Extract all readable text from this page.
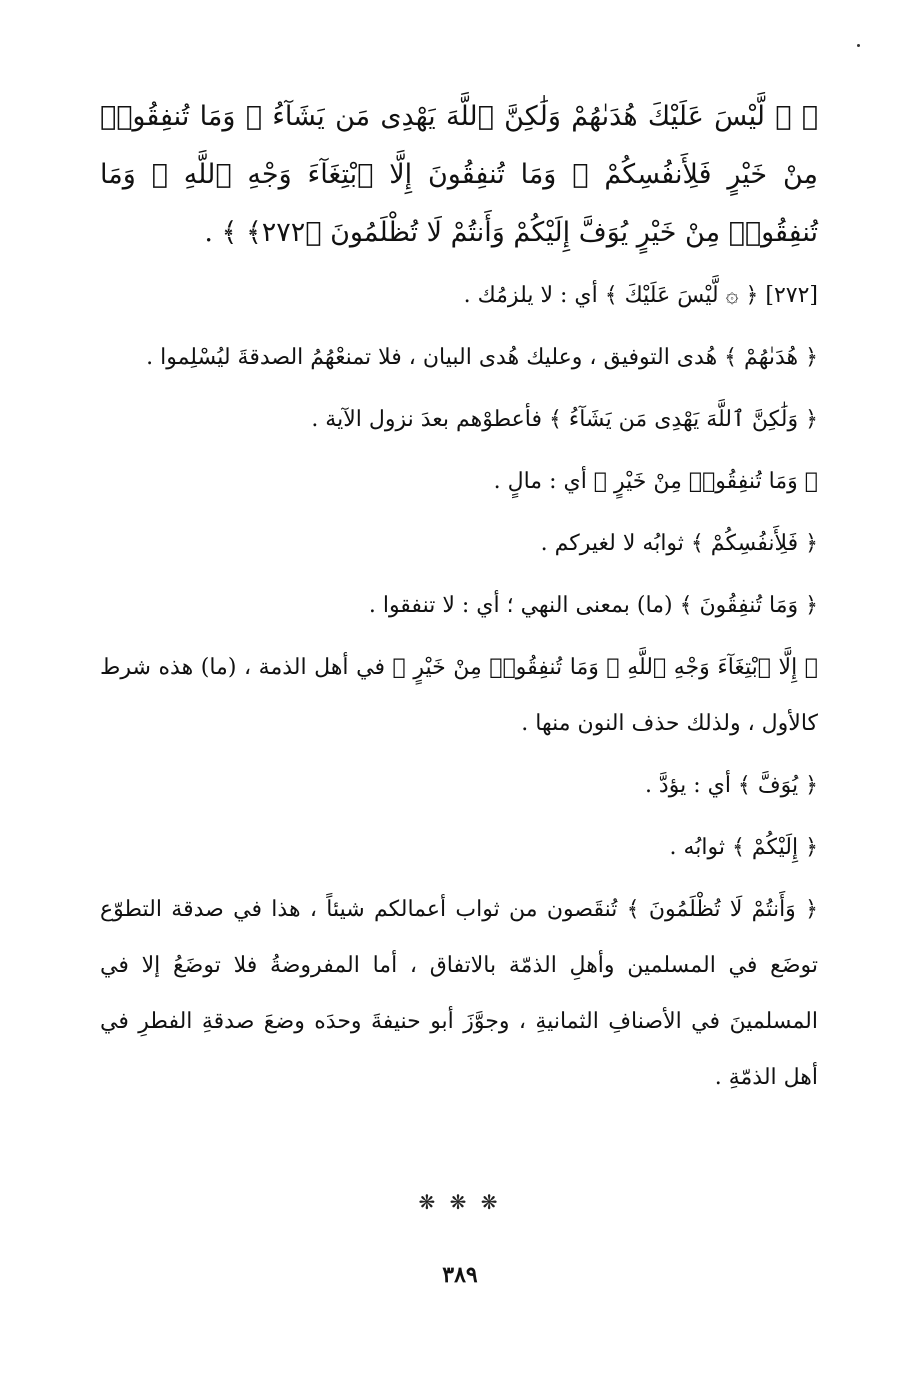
﴿ ۞ لَّيْسَ عَلَيْكَ هُدَىٰهُمْ وَلَٰكِنَّ ٱللَّهَ يَهْدِى مَن يَشَآءُ ۗ وَمَا تُنفِقُوا۟ مِنْ خَيْرٍ فَلِأَنفُسِكُمْ ۚ وَمَا تُنفِقُونَ إِلَّا ٱبْتِغَآءَ وَجْهِ ٱللَّهِ ۚ وَمَا تُنفِقُوا۟ مِنْ خَيْرٍ يُوَفَّ إِلَيْكُمْ وَأَنتُمْ لَا تُظْلَمُونَ ﴿٢٧٢﴾ ﴾ .

[٢٧٢] ﴿ ۞ لَّيْسَ عَلَيْكَ ﴾ أي : لا يلزمُك .

﴿ هُدَىٰهُمْ ﴾ هُدى التوفيق ، وعليك هُدى البيان ، فلا تمنعْهُمُ الصدقةَ ليُسْلِموا .

﴿ وَلَٰكِنَّ ٱللَّهَ يَهْدِى مَن يَشَآءُ ﴾ فأعطوْهم بعدَ نزول الآية .

﴿ وَمَا تُنفِقُوا۟ مِنْ خَيْرٍ ﴾ أي : مالٍ .

﴿ فَلِأَنفُسِكُمْ ﴾ ثوابُه لا لغيركم .

﴿ وَمَا تُنفِقُونَ ﴾ (ما) بمعنى النهي ؛ أي : لا تنفقوا .

﴿ إِلَّا ٱبْتِغَآءَ وَجْهِ ٱللَّهِ ۚ وَمَا تُنفِقُوا۟ مِنْ خَيْرٍ ﴾ في أهل الذمة ، (ما) هذه شرط كالأول ، ولذلك حذف النون منها .

﴿ يُوَفَّ ﴾ أي : يؤدَّ .

﴿ إِلَيْكُمْ ﴾ ثوابُه .

﴿ وَأَنتُمْ لَا تُظْلَمُونَ ﴾ تُنقَصون من ثواب أعمالكم شيئاً ، هذا في صدقة التطوّع توضَع في المسلمين وأهلِ الذمّة بالاتفاق ، أما المفروضةُ فلا توضَعُ إلا في المسلمينَ في الأصنافِ الثمانيةِ ، وجوَّزَ أبو حنيفةَ وحدَه وضعَ صدقةِ الفطرِ في أهل الذمّةِ .

❋ ❋ ❋
٣٨٩
